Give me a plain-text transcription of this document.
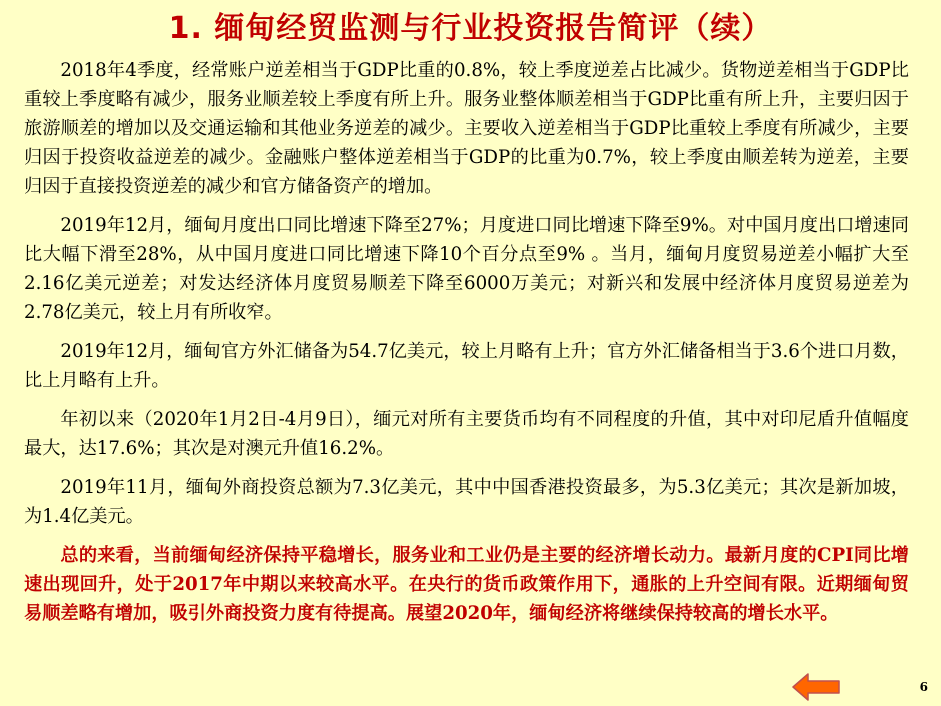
1. 缅甸经贸监测与行业投资报告简评（续）

2018年4季度，经常账户逆差相当于GDP比重的0.8%，较上季度逆差占比减少。货物逆差相当于GDP比重较上季度略有减少，服务业顺差较上季度有所上升。服务业整体顺差相当于GDP比重有所上升，主要归因于旅游顺差的增加以及交通运输和其他业务逆差的减少。主要收入逆差相当于GDP比重较上季度有所减少，主要归因于投资收益逆差的减少。金融账户整体逆差相当于GDP的比重为0.7%，较上季度由顺差转为逆差，主要归因于直接投资逆差的减少和官方储备资产的增加。

2019年12月，缅甸月度出口同比增速下降至27%；月度进口同比增速下降至9%。对中国月度出口增速同比大幅下滑至28%，从中国月度进口同比增速下降10个百分点至9% 。当月，缅甸月度贸易逆差小幅扩大至2.16亿美元逆差；对发达经济体月度贸易顺差下降至6000万美元；对新兴和发展中经济体月度贸易逆差为2.78亿美元，较上月有所收窄。

2019年12月，缅甸官方外汇储备为54.7亿美元，较上月略有上升；官方外汇储备相当于3.6个进口月数，比上月略有上升。

年初以来（2020年1月2日-4月9日），缅元对所有主要货币均有不同程度的升值，其中对印尼盾升值幅度最大，达17.6%；其次是对澳元升值16.2%。

2019年11月，缅甸外商投资总额为7.3亿美元，其中中国香港投资最多，为5.3亿美元；其次是新加坡，为1.4亿美元。

总的来看，当前缅甸经济保持平稳增长，服务业和工业仍是主要的经济增长动力。最新月度的CPI同比增速出现回升，处于2017年中期以来较高水平。在央行的货币政策作用下，通胀的上升空间有限。近期缅甸贸易顺差略有增加，吸引外商投资力度有待提高。展望2020年，缅甸经济将继续保持较高的增长水平。

6
